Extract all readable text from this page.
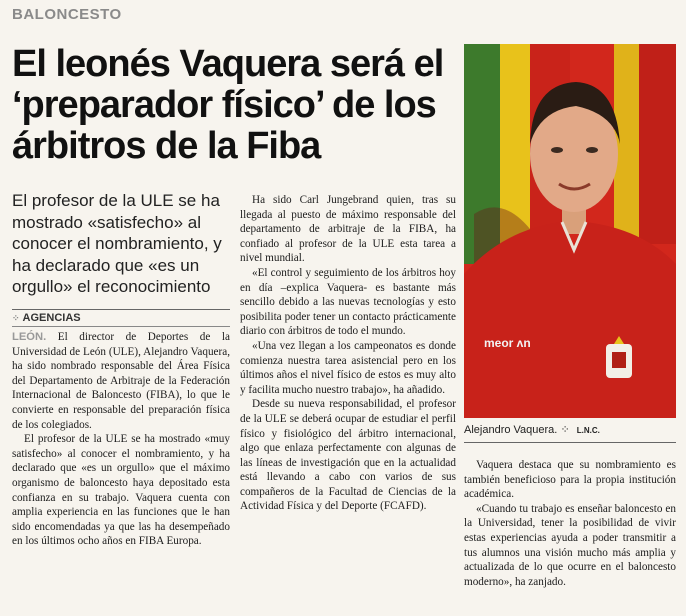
BALONCESTO
El leonés Vaquera será el ‘preparador físico’ de los árbitros de la Fiba
El profesor de la ULE se ha mostrado «satisfecho» al conocer el nombramiento, y ha declarado que «es un orgullo» el reconocimiento
⁘ AGENCIAS

LEÓN. El director de Deportes de la Universidad de León (ULE), Alejandro Vaquera, ha sido nombrado responsable del Área Física del Departamento de Arbitraje de la Federación Internacional de Baloncesto (FIBA), lo que le convierte en responsable del preparación física de los colegiados.

El profesor de la ULE se ha mostrado «muy satisfecho» al conocer el nombramiento, y ha declarado que «es un orgullo» que el máximo organismo de baloncesto haya depositado esta confianza en su trabajo. Vaquera cuenta con amplia experiencia en las funciones que le han sido encomendadas ya que las ha desempeñado en los últimos ocho años en FIBA Europa.

Ha sido Carl Jungebrand quien, tras su llegada al puesto de máximo responsable del departamento de arbitraje de la FIBA, ha confiado al profesor de la ULE esta tarea a nivel mundial.

«El control y seguimiento de los árbitros hoy en día –explica Vaquera- es bastante más sencillo debido a las nuevas tecnologías y esto posibilita poder tener un contacto prácticamente diario con árbitros de todo el mundo.

«Una vez llegan a los campeonatos es donde comienza nuestra tarea asistencial pero en los últimos años el nivel físico de estos es muy alto y facilita mucho nuestro trabajo», ha añadido.

Desde su nueva responsabilidad, el profesor de la ULE se deberá ocupar de estudiar el perfil físico y fisiológico del árbitro internacional, algo que enlaza perfectamente con algunas de las líneas de investigación que en la actualidad está llevando a cabo con varios de sus compañeros de la Facultad de Ciencias de la Actividad Física y del Deporte (FCAFD).

meor ʌn
Alejandro Vaquera. ⁘ L.N.C.

Vaquera destaca que su nombramiento es también beneficioso para la propia institución académica.

«Cuando tu trabajo es enseñar baloncesto en la Universidad, tener la posibilidad de vivir estas experiencias ayuda a poder transmitir a tus alumnos una visión mucho más amplia y actualizada de lo que ocurre en el baloncesto moderno», ha zanjado.
